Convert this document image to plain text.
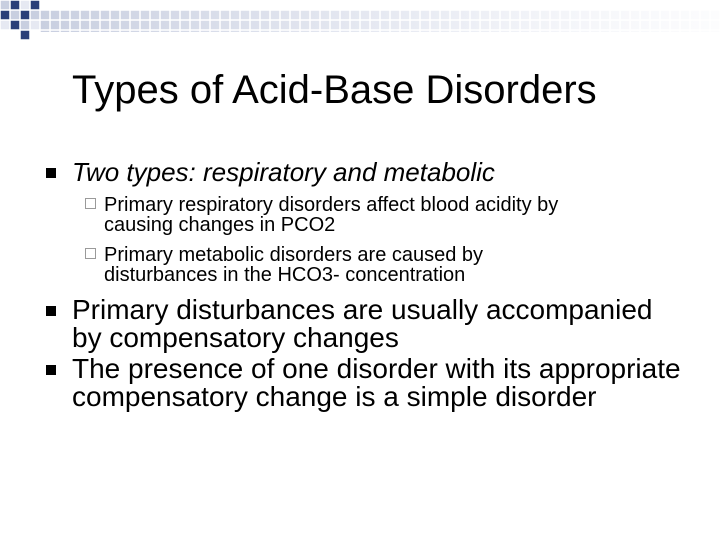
Types of Acid-Base Disorders
Two types: respiratory and metabolic
Primary respiratory disorders affect blood acidity by
causing changes in PCO2
Primary metabolic disorders are caused by
disturbances in the HCO3- concentration
Primary disturbances are usually accompanied
by compensatory changes
The presence of one disorder with its appropriate
compensatory change is a simple disorder
